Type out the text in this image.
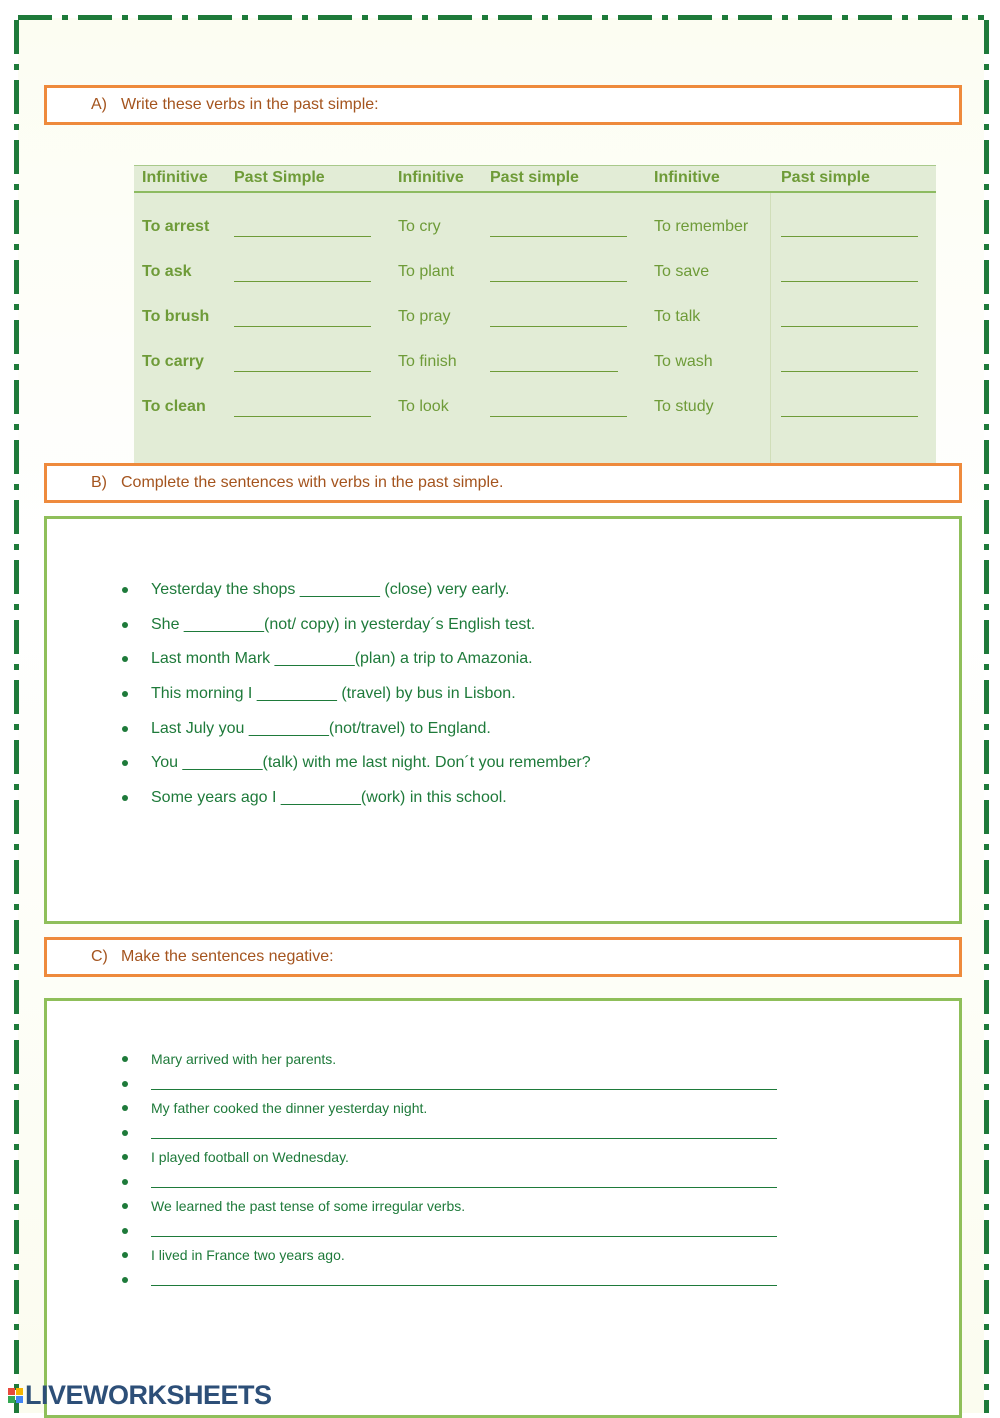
A) Write these verbs in the past simple:
Infinitive Past Simple	Infinitive Past simple	Infinitive	Past simple
To arrest	To cry	To remember
To ask	To plant	To save
To brush	To pray	To talk
To carry	To finish	To wash
To clean	To look	To study
B) Complete the sentences with verbs in the past simple.
Yesterday the shops _________ (close) very early.
She _________(not/ copy) in yesterday´s English test.
Last month Mark _________(plan) a trip to Amazonia.
This morning I _________ (travel) by bus in Lisbon.
Last July you _________(not/travel) to England.
You _________(talk) with me last night. Don´t you remember?
Some years ago I _________(work) in this school.
C) Make the sentences negative:
Mary arrived with her parents.
My father cooked the dinner yesterday night.
I played football on Wednesday.
We learned the past tense of some irregular verbs.
I lived in France two years ago.
LIVEWORKSHEETS
